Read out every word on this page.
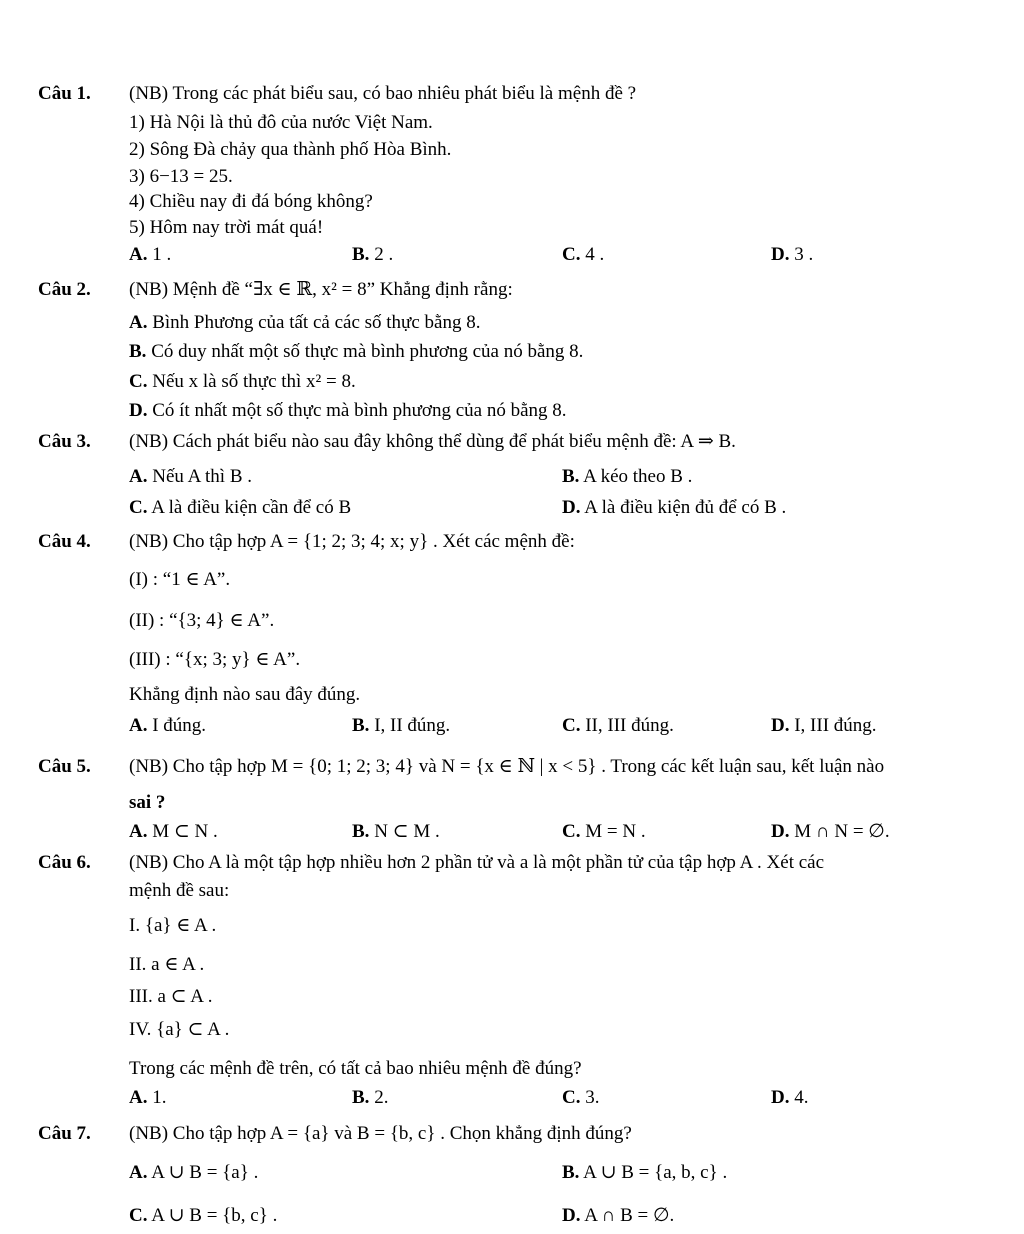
Câu 1. (NB) Trong các phát biểu sau, có bao nhiêu phát biểu là mệnh đề ?
1) Hà Nội là thủ đô của nước Việt Nam.
2) Sông Đà chảy qua thành phố Hòa Bình.
3) 6−13 = 25.
4) Chiều nay đi đá bóng không?
5) Hôm nay trời mát quá!
A. 1 .	B. 2 .	C. 4 .	D. 3 .
Câu 2. (NB) Mệnh đề “∃x ∈ ℝ, x² = 8” Khẳng định rằng:
A. Bình Phương của tất cả các số thực bằng 8.
B. Có duy nhất một số thực mà bình phương của nó bằng 8.
C. Nếu x là số thực thì x² = 8.
D. Có ít nhất một số thực mà bình phương của nó bằng 8.
Câu 3. (NB) Cách phát biểu nào sau đây không thể dùng để phát biểu mệnh đề: A ⇒ B.
A. Nếu A thì B .	B. A kéo theo B .
C. A là điều kiện cần để có B	D. A là điều kiện đủ để có B .
Câu 4. (NB) Cho tập hợp A = {1; 2; 3; 4; x; y} . Xét các mệnh đề:
(I) : “1 ∈ A”.
(II) : “{3; 4} ∈ A”.
(III) : “{x; 3; y} ∈ A”.
Khẳng định nào sau đây đúng.
A. I đúng.	B. I, II đúng.	C. II, III đúng.	D. I, III đúng.
Câu 5. (NB) Cho tập hợp M = {0; 1; 2; 3; 4} và N = {x ∈ ℕ | x < 5} . Trong các kết luận sau, kết luận nào
sai ?
A. M ⊂ N .	B. N ⊂ M .	C. M = N .	D. M ∩ N = ∅.
Câu 6. (NB) Cho A là một tập hợp nhiều hơn 2 phần tử và a là một phần tử của tập hợp A . Xét các
mệnh đề sau:
I. {a} ∈ A .
II. a ∈ A .
III. a ⊂ A .
IV. {a} ⊂ A .
Trong các mệnh đề trên, có tất cả bao nhiêu mệnh đề đúng?
A. 1.	B. 2.	C. 3.	D. 4.
Câu 7. (NB) Cho tập hợp A = {a} và B = {b, c} . Chọn khẳng định đúng?
A. A ∪ B = {a} .	B. A ∪ B = {a, b, c} .
C. A ∪ B = {b, c} .	D. A ∩ B = ∅.
